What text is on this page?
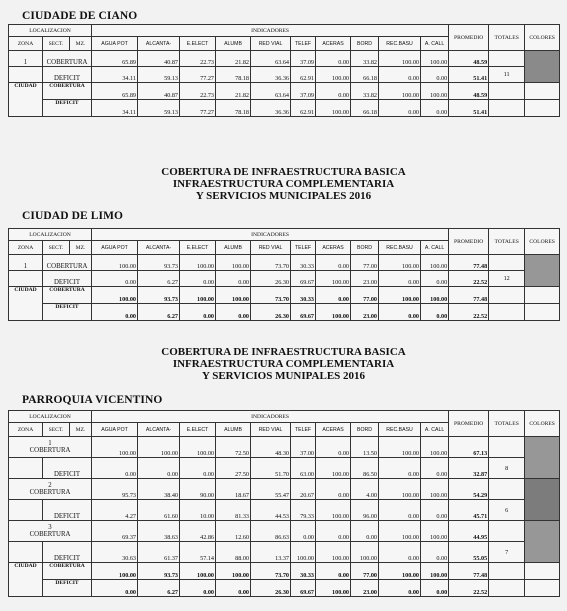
CIUDADE DE CIANO
LOCALIZACION			INDICADORES										PROMEDIO	TOTALES	COLORES
ZONA	SECT.	MZ.	AGUA POT	ALCANTA-	E.ELECT	ALUMB	RED VIAL	TELEF	ACERAS	BORD	REC.BASU	A. CALL			
1	COBERTURA		65.89	40.87	22.73	21.82	63.64	37.09	0.00	33.82	100.00	100.00	48.59		
	DEFICIT		34.11	59.13	77.27	78.18	36.36	62.91	100.00	66.18	0.00	0.00	51.41	11	
CIUDAD	COBERTURA		65.89	40.87	22.73	21.82	63.64	37.09	0.00	33.82	100.00	100.00	48.59		
	DEFICIT		34.11	59.13	77.27	78.18	36.36	62.91	100.00	66.18	0.00	0.00	51.41		
COBERTURA DE INFRAESTRUCTURA BASICA
INFRAESTRUCTURA COMPLEMENTARIA
Y SERVICIOS MUNICIPALES 2016
CIUDAD DE LIMO
LOCALIZACION			INDICADORES										PROMEDIO	TOTALES	COLORES
ZONA	SECT.	MZ.	AGUA POT	ALCANTA-	E.ELECT	ALUMB	RED VIAL	TELEF	ACERAS	BORD	REC.BASU	A. CALL			
1	COBERTURA		100.00	93.73	100.00	100.00	73.70	30.33	0.00	77.00	100.00	100.00	77.48		
	DEFICIT		0.00	6.27	0.00	0.00	26.30	69.67	100.00	23.00	0.00	0.00	22.52	12	
CIUDAD	COBERTURA		100.00	93.73	100.00	100.00	73.70	30.33	0.00	77.00	100.00	100.00	77.48		
	DEFICIT		0.00	6.27	0.00	0.00	26.30	69.67	100.00	23.00	0.00	0.00	22.52		
COBERTURA DE INFRAESTRUCTURA BASICA
INFRAESTRUCTURA COMPLEMENTARIA
Y SERVICIOS MUNIPALES 2016
PARROQUIA VICENTINO
LOCALIZACION			INDICADORES										PROMEDIO	TOTALES	COLORES
ZONA	SECT.	MZ.	AGUA POT	ALCANTA-	E.ELECT	ALUMB	RED VIAL	TELEF	ACERAS	BORD	REC.BASU	A. CALL			

1
COBERTURA			100.00	100.00	100.00	72.50	48.30	37.00	0.00	13.50	100.00	100.00	67.13		
	DEFICIT		0.00	0.00	0.00	27.50	51.70	63.00	100.00	86.50	0.00	0.00	32.87	8	

2
COBERTURA			95.73	38.40	90.00	18.67	55.47	20.67	0.00	4.00	100.00	100.00	54.29		
	DEFICIT		4.27	61.60	10.00	81.33	44.53	79.33	100.00	96.00	0.00	0.00	45.71	6	

3
COBERTURA			69.37	38.63	42.86	12.60	86.63	0.00	0.00	0.00	100.00	100.00	44.95		
	DEFICIT		30.63	61.37	57.14	88.00	13.37	100.00	100.00	100.00	0.00	0.00	55.05	7	
CIUDAD	COBERTURA		100.00	93.73	100.00	100.00	73.70	30.33	0.00	77.00	100.00	100.00	77.48		
	DEFICIT		0.00	6.27	0.00	0.00	26.30	69.67	100.00	23.00	0.00	0.00	22.52		
